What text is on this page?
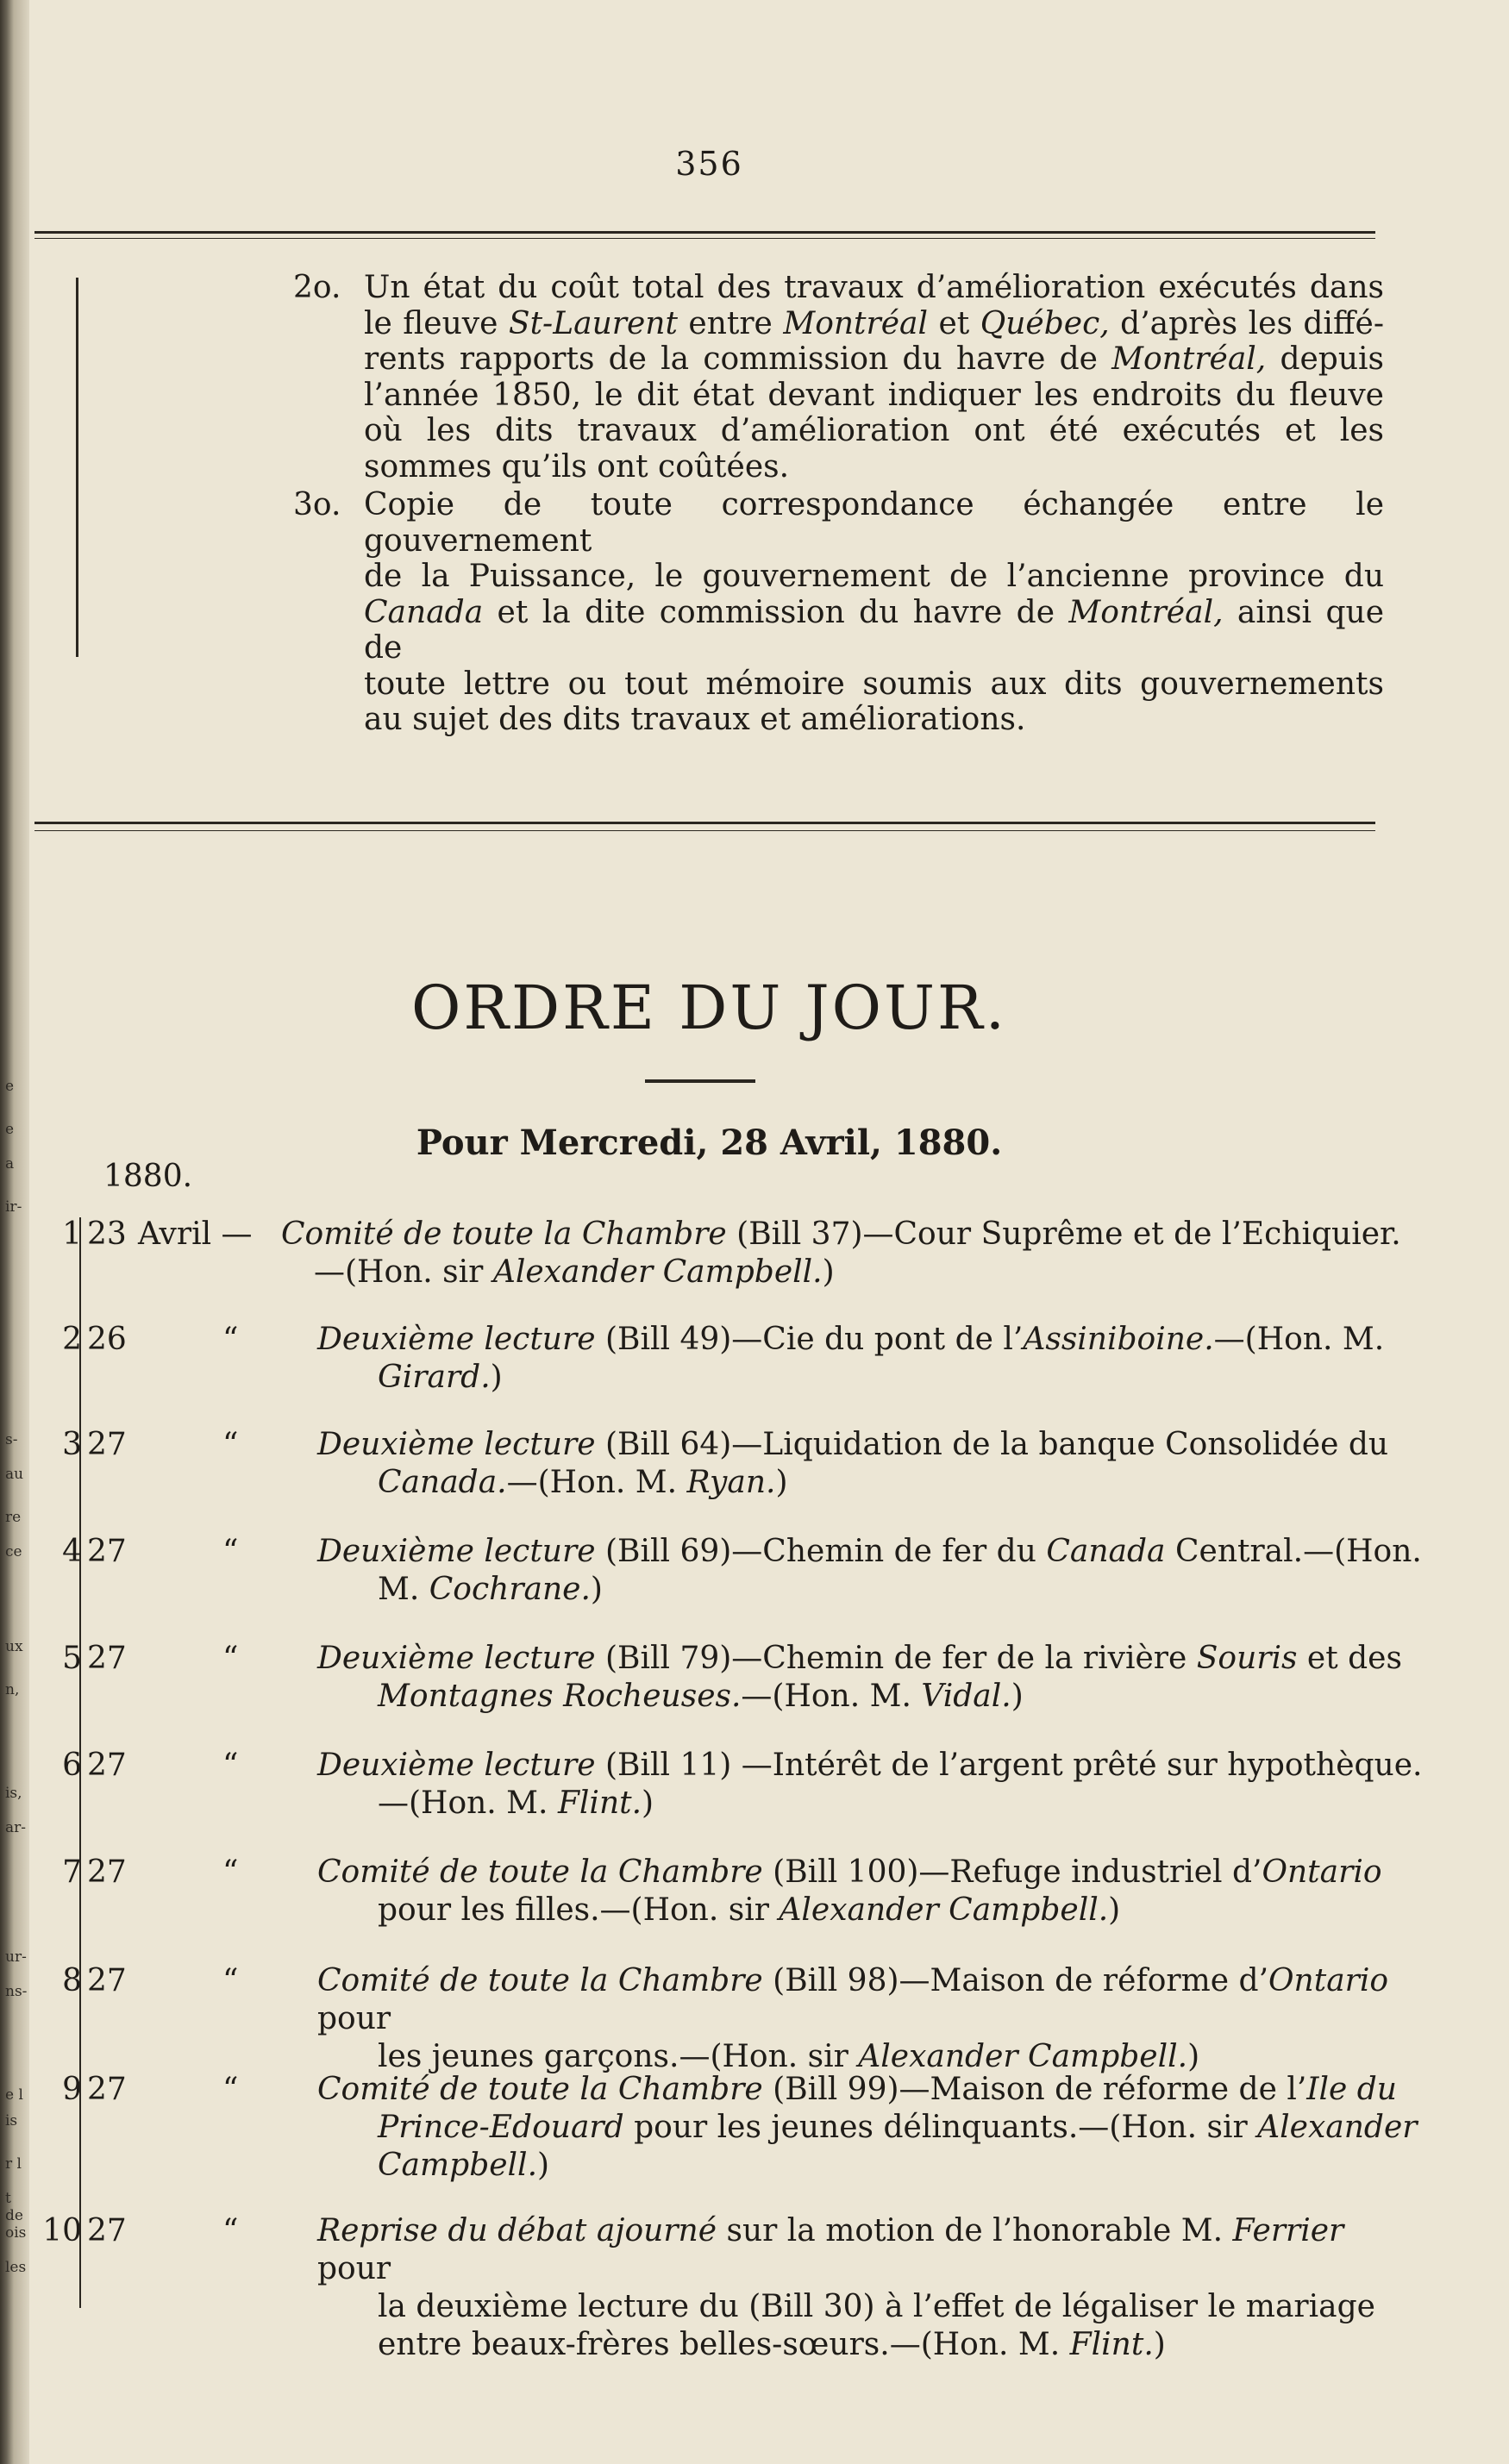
e
e
a
ir-
s-
au
re
ce
ux
n,
is,
ar-
ur-
ns-
e l
is
r l
t de
ois
les
356
2o. Un état du coût total des travaux d’amélioration exécutés dans
le fleuve St-Laurent entre Montréal et Québec, d’après les diffé-
rents rapports de la commission du havre de Montréal, depuis
l’année 1850, le dit état devant indiquer les endroits du fleuve
où les dits travaux d’amélioration ont été exécutés et les
sommes qu’ils ont coûtées.
3o. Copie de toute correspondance échangée entre le gouvernement
de la Puissance, le gouvernement de l’ancienne province du
Canada et la dite commission du havre de Montréal, ainsi que de
toute lettre ou tout mémoire soumis aux dits gouvernements
au sujet des dits travaux et améliorations.
ORDRE DU JOUR.
Pour Mercredi, 28 Avril, 1880.
1880.
1 23 Avril — Comité de toute la Chambre (Bill 37)—Cour Suprême et de l’Echiquier.
—(Hon. sir Alexander Campbell.)
2 26	“	Deuxième lecture (Bill 49)—Cie du pont de l’Assiniboine.—(Hon. M.
Girard.)
3 27	“	Deuxième lecture (Bill 64)—Liquidation de la banque Consolidée du
Canada.—(Hon. M. Ryan.)
4 27	“	Deuxième lecture (Bill 69)—Chemin de fer du Canada Central.—(Hon.
M. Cochrane.)
5 27	“	Deuxième lecture (Bill 79)—Chemin de fer de la rivière Souris et des
Montagnes Rocheuses.—(Hon. M. Vidal.)
6 27	“	Deuxième lecture (Bill 11) —Intérêt de l’argent prêté sur hypothèque.
—(Hon. M. Flint.)
7 27	“	Comité de toute la Chambre (Bill 100)—Refuge industriel d’Ontario
pour les filles.—(Hon. sir Alexander Campbell.)
8 27	“	Comité de toute la Chambre (Bill 98)—Maison de réforme d’Ontario pour
les jeunes garçons.—(Hon. sir Alexander Campbell.)
9 27	“	Comité de toute la Chambre (Bill 99)—Maison de réforme de l’Ile du
Prince-Edouard pour les jeunes délinquants.—(Hon. sir Alexander
Campbell.)
10 27	“	Reprise du débat ajourné sur la motion de l’honorable M. Ferrier pour
la deuxième lecture du (Bill 30) à l’effet de légaliser le mariage
entre beaux-frères belles-sœurs.—(Hon. M. Flint.)
